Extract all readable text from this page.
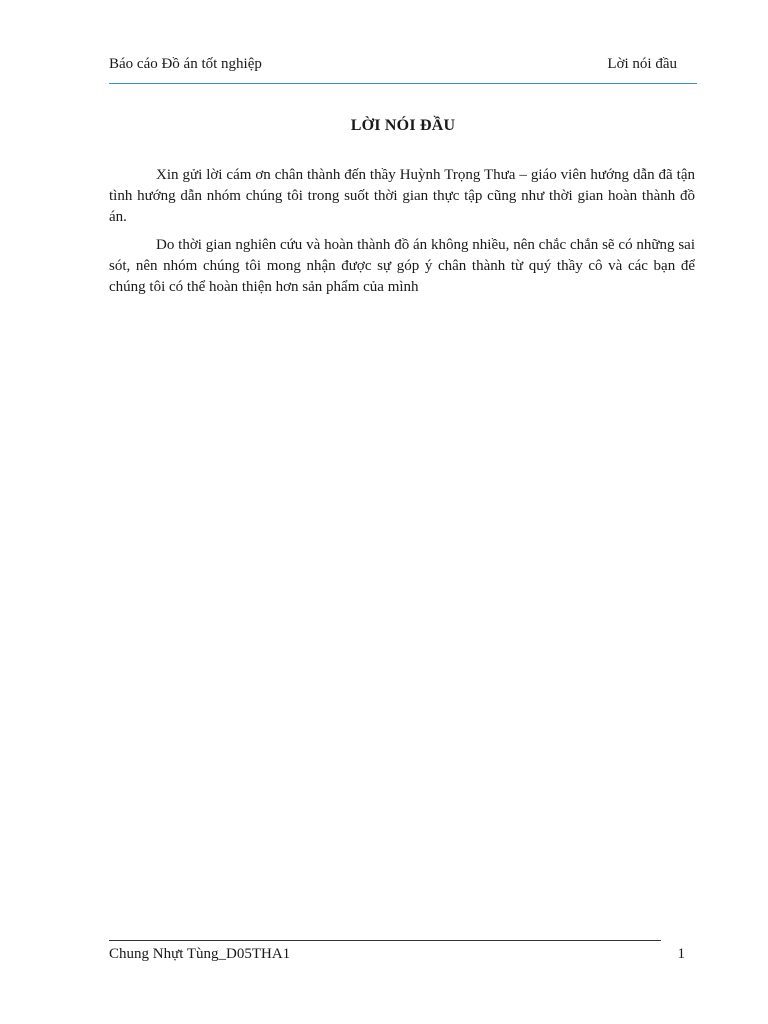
Báo cáo Đồ án tốt nghiệp	Lời nói đầu
LỜI NÓI ĐẦU

Xin gửi lời cám ơn chân thành đến thầy Huỳnh Trọng Thưa – giáo viên hướng dẫn đã tận tình hướng dẫn nhóm chúng tôi trong suốt thời gian thực tập cũng như thời gian hoàn thành đồ án.

Do thời gian nghiên cứu và hoàn thành đồ án không nhiều, nên chắc chắn sẽ có những sai sót, nên nhóm chúng tôi mong nhận được sự góp ý chân thành từ quý thầy cô và các bạn để chúng tôi có thể hoàn thiện hơn sản phẩm của mình

Chung Nhựt Tùng_D05THA1	1
